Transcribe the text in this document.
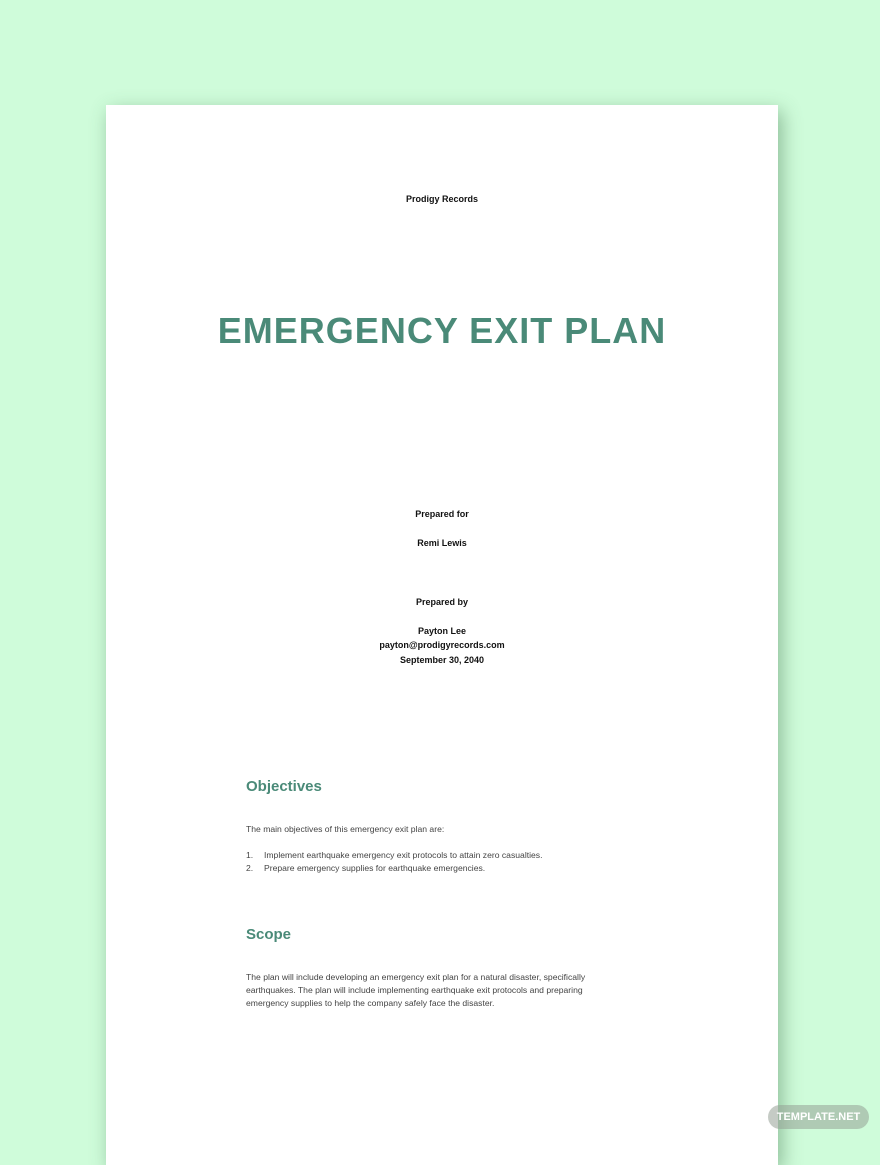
Prodigy Records
EMERGENCY EXIT PLAN
Prepared for
Remi Lewis
Prepared by
Payton Lee
payton@prodigyrecords.com
September 30, 2040
Objectives
The main objectives of this emergency exit plan are:
1. Implement earthquake emergency exit protocols to attain zero casualties.
2. Prepare emergency supplies for earthquake emergencies.
Scope
The plan will include developing an emergency exit plan for a natural disaster, specifically earthquakes. The plan will include implementing earthquake exit protocols and preparing emergency supplies to help the company safely face the disaster.
TEMPLATE.NET
